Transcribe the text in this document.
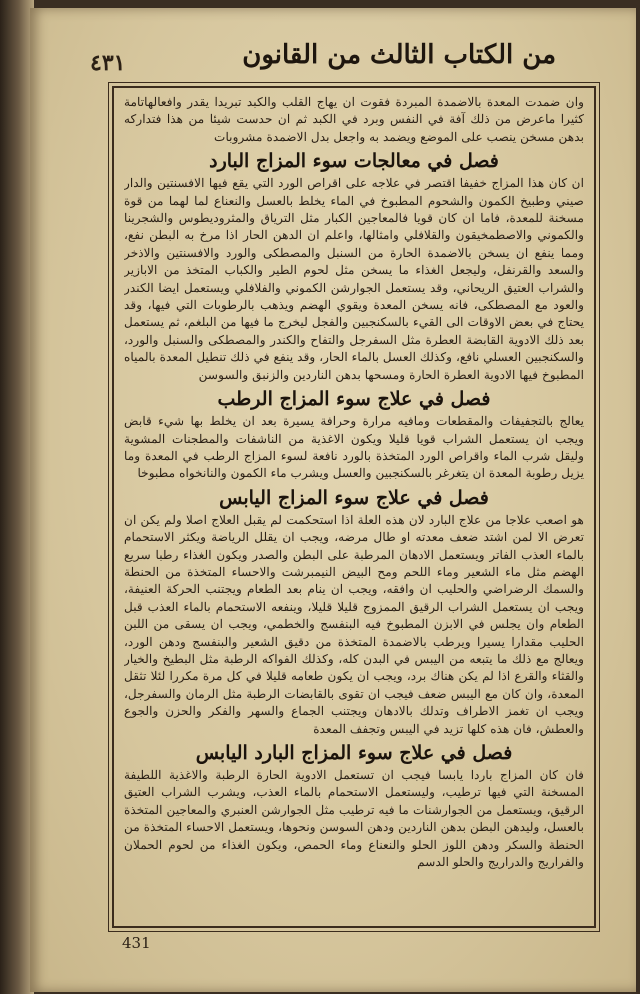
٤٣١	من الكتاب الثالث من القانون

وان ضمدت المعدة بالاضمدة المبردة فقوت ان يهاج القلب والكبد تبريدا يقدر وافعالهاتامة كثيرا ماعرض من ذلك آفة في النفس وبرد في الكبد ثم ان حدست شيئا من هذا فتداركه بدهن مسخن ينصب على الموضع ويضمد به واجعل بدل الاضمدة مشروبات

فصل في معالجات سوء المزاج البارد

ان كان هذا المزاج خفيفا اقتصر في علاجه على اقراص الورد التي يقع فيها الافسنتين والدار صيني وطبيخ الكمون والشحوم المطبوخ في الماء يخلط بالعسل والنعناع لما لهما من قوة مسخنة للمعدة، فاما ان كان قويا فالمعاجين الكبار مثل الترياق والمثروديطوس والشجرينا والكموني والاصطمخيقون والقلافلي وامثالها، واعلم ان الدهن الحار اذا مرخ به البطن نفع، ومما ينفع ان يسخن بالاضمدة الحارة من السنبل والمصطكى والورد والافسنتين والاذخر والسعد والقرنفل، وليجعل الغذاء ما يسخن مثل لحوم الطير والكباب المتخذ من الابازير والشراب العتيق الريحاني، وقد يستعمل الجوارشن الكموني والفلافلي ويستعمل ايضا الكندر والعود مع المصطكى، فانه يسخن المعدة ويقوي الهضم ويذهب بالرطوبات التي فيها، وقد يحتاج في بعض الاوقات الى القيء بالسكنجبين والفجل ليخرج ما فيها من البلغم، ثم يستعمل بعد ذلك الادوية القابضة العطرة مثل السفرجل والتفاح والكندر والمصطكى والسنبل والورد، والسكنجبين العسلي نافع، وكذلك العسل بالماء الحار، وقد ينفع في ذلك تنطيل المعدة بالمياه المطبوخ فيها الادوية العطرة الحارة ومسحها بدهن الناردين والزنبق والسوسن

فصل في علاج سوء المزاج الرطب

يعالج بالتجفيفات والمقطعات ومافيه مرارة وحرافة يسيرة بعد ان يخلط بها شيء قابض ويجب ان يستعمل الشراب قويا قليلا ويكون الاغذية من الناشفات والمطجنات المشوية وليقل شرب الماء واقراص الورد المتخذة بالورد نافعة لسوء المزاج الرطب في المعدة وما يزيل رطوبة المعدة ان يتغرغر بالسكنجبين والعسل ويشرب ماء الكمون والنانخواه مطبوخا

فصل في علاج سوء المزاج اليابس

هو اصعب علاجا من علاج البارد لان هذه العلة اذا استحكمت لم يقبل العلاج اصلا ولم يكن ان تعرض الا لمن اشتد ضعف معدته او طال مرضه، ويجب ان يقلل الرياضة ويكثر الاستحمام بالماء العذب الفاتر ويستعمل الادهان المرطبة على البطن والصدر ويكون الغذاء رطبا سريع الهضم مثل ماء الشعير وماء اللحم ومح البيض النيمبرشت والاحساء المتخذة من الحنطة والسمك الرضراضي والحليب ان وافقه، ويجب ان ينام بعد الطعام ويجتنب الحركة العنيفة، ويجب ان يستعمل الشراب الرقيق الممزوج قليلا قليلا، وينفعه الاستحمام بالماء العذب قبل الطعام وان يجلس في الابزن المطبوخ فيه البنفسج والخطمي، ويجب ان يسقى من اللبن الحليب مقدارا يسيرا ويرطب بالاضمدة المتخذة من دقيق الشعير والبنفسج ودهن الورد، ويعالج مع ذلك ما يتبعه من اليبس في البدن كله، وكذلك الفواكه الرطبة مثل البطيخ والخيار والقثاء والقرع اذا لم يكن هناك برد، ويجب ان يكون طعامه قليلا في كل مرة مكررا لئلا تثقل المعدة، وان كان مع اليبس ضعف فيجب ان تقوى بالقابضات الرطبة مثل الرمان والسفرجل، ويجب ان تغمز الاطراف وتدلك بالادهان ويجتنب الجماع والسهر والفكر والحزن والجوع والعطش، فان هذه كلها تزيد في اليبس وتجفف المعدة

فصل في علاج سوء المزاج البارد اليابس

فان كان المزاج باردا يابسا فيجب ان تستعمل الادوية الحارة الرطبة والاغذية اللطيفة المسخنة التي فيها ترطيب، وليستعمل الاستحمام بالماء العذب، ويشرب الشراب العتيق الرقيق، ويستعمل من الجوارشنات ما فيه ترطيب مثل الجوارشن العنبري والمعاجين المتخذة بالعسل، وليدهن البطن بدهن الناردين ودهن السوسن ونحوها، ويستعمل الاحساء المتخذة من الحنطة والسكر ودهن اللوز الحلو والنعناع وماء الحمص، ويكون الغذاء من لحوم الحملان والفراريج والدراريج والحلو الدسم

431
